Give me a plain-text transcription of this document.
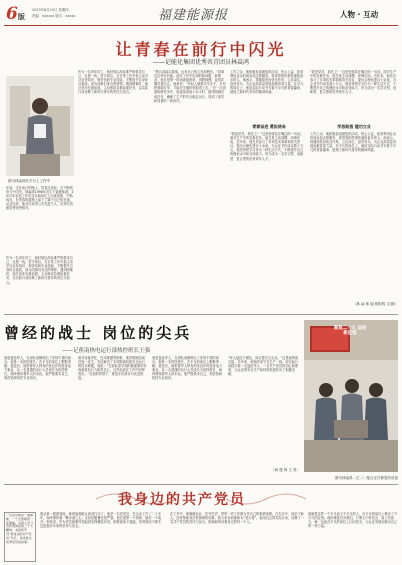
6版
2023年8月24日 星期四
责编：xxxxxx 版式：xxxxx	福建能源报	人物 · 互动
让青春在前行中闪光
——记能化集团优秀共青团员林焱鸿
图为林焱鸿在平台上工作中
年前，走在前行的路上，青春这坐标，在不断的努力中闪光。林焱鸿1996年出生于福建仙游，2017年参加工作后在本职岗位上认真钻研，不断成长，在青春的道路上留下了属于自己的足迹。从业以来，他多次获得公司先进个人、优秀共青团员等荣誉称号。
作为一名青年员工，他时刻以高标准严格要求自己，扎根一线，坚守岗位。在日常工作中他主动学习业务知识，刻苦钻研专业技能，不断提升自身综合素质，成为同事们身边的榜样。遇到困难时，他总是冲在最前面，主动承担急难险重任务，以实际行动诠释了新时代青年的责任与担当。
作为一名青年员工，他时刻以高标准严格要求自己，扎根一线，坚守岗位。在日常工作中他主动学习业务知识，刻苦钻研专业技能，不断提升自身综合素质，成为同事们身边的榜样。遇到困难时，他总是冲在最前面，主动承担急难险重任务，以实际行动诠释了新时代青年的责任与担当。
“既认真踏实做事，也有自己的主见和想法。”同事们这样评价他。面对工作中出现的新问题、新情况，他总是第一时间查阅资料、请教师傅，直到弄懂弄通为止。他常说：“年轻人就要多学多干，只有把基础打牢，才能在关键时刻顶得上去。”在一次设备检修任务中，他连续奋战十余小时，最终圆满完成任务，确保了生产的安全稳定运行，得到了领导和同事的一致好评。
青春奋进 勇担使命
工作之余，他积极参加团组织活动，热心公益，经常利用业余时间参加志愿服务，将青春的热情传递给更多的人。他表示，将继续发扬优良作风，立足岗位，奋发有为，为企业高质量发展贡献青春力量。在平凡的岗位上，他用实际行动书写着不平凡的青春篇章，展现了新时代青年的精神风貌。
“我是党员，我先上！”这是他常挂在嘴边的一句话。面对生产中的急难任务，他总是主动请缨，冲锋在前。近年来，他先后参与了多项技术革新和攻关项目，提出合理化建议十余条，为企业节约成本数十万元。他坚持把学习作为一种生活方式，不断提升自己的理论水平和业务能力，努力成为一名学习型、创新型、复合型的优秀青年人才。
学思践悟 建功立业
“我是党员，我先上！”这是他常挂在嘴边的一句话。面对生产中的急难任务，他总是主动请缨，冲锋在前。近年来，他先后参与了多项技术革新和攻关项目，提出合理化建议十余条，为企业节约成本数十万元。他坚持把学习作为一种生活方式，不断提升自己的理论水平和业务能力，努力成为一名学习型、创新型、复合型的优秀青年人才。
工作之余，他积极参加团组织活动，热心公益，经常利用业余时间参加志愿服务，将青春的热情传递给更多的人。他表示，将继续发扬优良作风，立足岗位，奋发有为，为企业高质量发展贡献青春力量。在平凡的岗位上，他用实际行动书写着不平凡的青春篇章，展现了新时代青年的精神风貌。
（林 焱 林 丽 欧阳筠 文/图）
曾经的战士 岗位的尖兵
——记蕉南热电运行部热控班长王强
他是退伍军人，在部队里锤炼出了坚韧不拔的意志；他是一名热控班长，在平凡的岗位上默默奉献。退伍后，他带着军人特有的优良作风投身电力事业，从一名普通的运行人员成长为热控班长，始终保持着军人的本色。他严格要求自己，刻苦钻研热控专业知识。
面对设备老化、技术难题等困难，他带领班组成员逐一攻关，先后解决了多项影响机组安全运行的技术难题。他说：“在部队里学到的最重要的东西就是执行力和责任心，这些品质在工作中同样受用。”在他的带领下，班组多次被评为先进班组。
他是退伍军人，在部队里锤炼出了坚韧不拔的意志；他是一名热控班长，在平凡的岗位上默默奉献。退伍后，他带着军人特有的优良作风投身电力事业，从一名普通的运行人员成长为热控班长，始终保持着军人的本色。他严格要求自己，刻苦钻研热控专业知识。
“军人退伍不褪色，岗位建功当尖兵。”这是他的座右铭。多年来，他始终坚守在生产一线，用实际行动践行着一名退伍军人、一名共产党员的初心和使命，为企业的安全生产和持续发展作出了积极贡献。
（黄 建 林 王 青）
聚焦二十大 奋进新征程
图为林焱鸿（左二）配合正在修复的设备
我身边的共产党员
一名党员就是一面旗帜，一个支部就是一座堡垒。为深入学习宣传贯彻党的二十大精神，本报特开设“我身边的共产党员”专栏，讲述身边优秀党员的故事。
我从第一眼看到他，就被他那股认真劲打动了。他是一名老党员，在企业工作了二十多年，始终保持着一颗赤诚之心。无论是酷暑还是严寒，他总是第一个到岗、最后一个离开。他常说，作为党员就要时刻起到先锋模范作用，困难面前不退缩，荣誉面前不伸手，这是他多年来的坚持与信念。
在工作中，他兢兢业业、任劳任怨，把每一项工作都当作自己的事情来做。在生活中，他乐于助人，经常帮助身边有困难的同事，被大家亲切地称为“老大哥”。他用自己的实际行动，诠释了一名共产党员的责任与担当，影响和带动着身边的每一个人。
他就是这样一个平凡而又不平凡的人，在平凡的岗位上做出了不平凡的业绩。他的事迹告诉我们，只要心中有信念、肩上有担当，就一定能在平凡的岗位上闪闪发光，为企业发展贡献出自己的一份力量。
